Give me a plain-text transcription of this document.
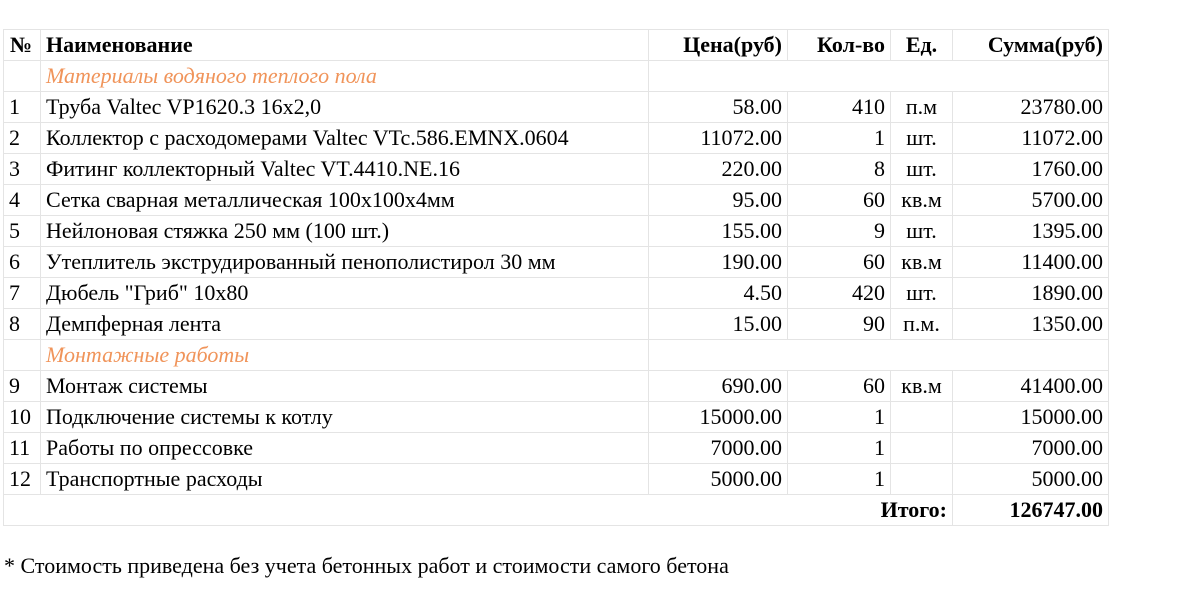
№	Наименование	Цена(руб)	Кол-во	Ед.	Сумма(руб)
	Материалы водяного теплого пола				
1	Труба Valtec VP1620.3 16x2,0	58.00	410	п.м	23780.00
2	Коллектор с расходомерами Valtec VTc.586.EMNX.0604	11072.00	1	шт.	11072.00
3	Фитинг коллекторный Valtec VT.4410.NE.16	220.00	8	шт.	1760.00
4	Сетка сварная металлическая 100х100х4мм	95.00	60	кв.м	5700.00
5	Нейлоновая стяжка 250 мм (100 шт.)	155.00	9	шт.	1395.00
6	Утеплитель экструдированный пенополистирол 30 мм	190.00	60	кв.м	11400.00
7	Дюбель "Гриб" 10х80	4.50	420	шт.	1890.00
8	Демпферная лента	15.00	90	п.м.	1350.00
	Монтажные работы				
9	Монтаж системы	690.00	60	кв.м	41400.00
10	Подключение системы к котлу	15000.00	1		15000.00
11	Работы по опрессовке	7000.00	1		7000.00
12	Транспортные расходы	5000.00	1		5000.00
Итого:					126747.00
* Стоимость приведена без учета бетонных работ и стоимости самого бетона
